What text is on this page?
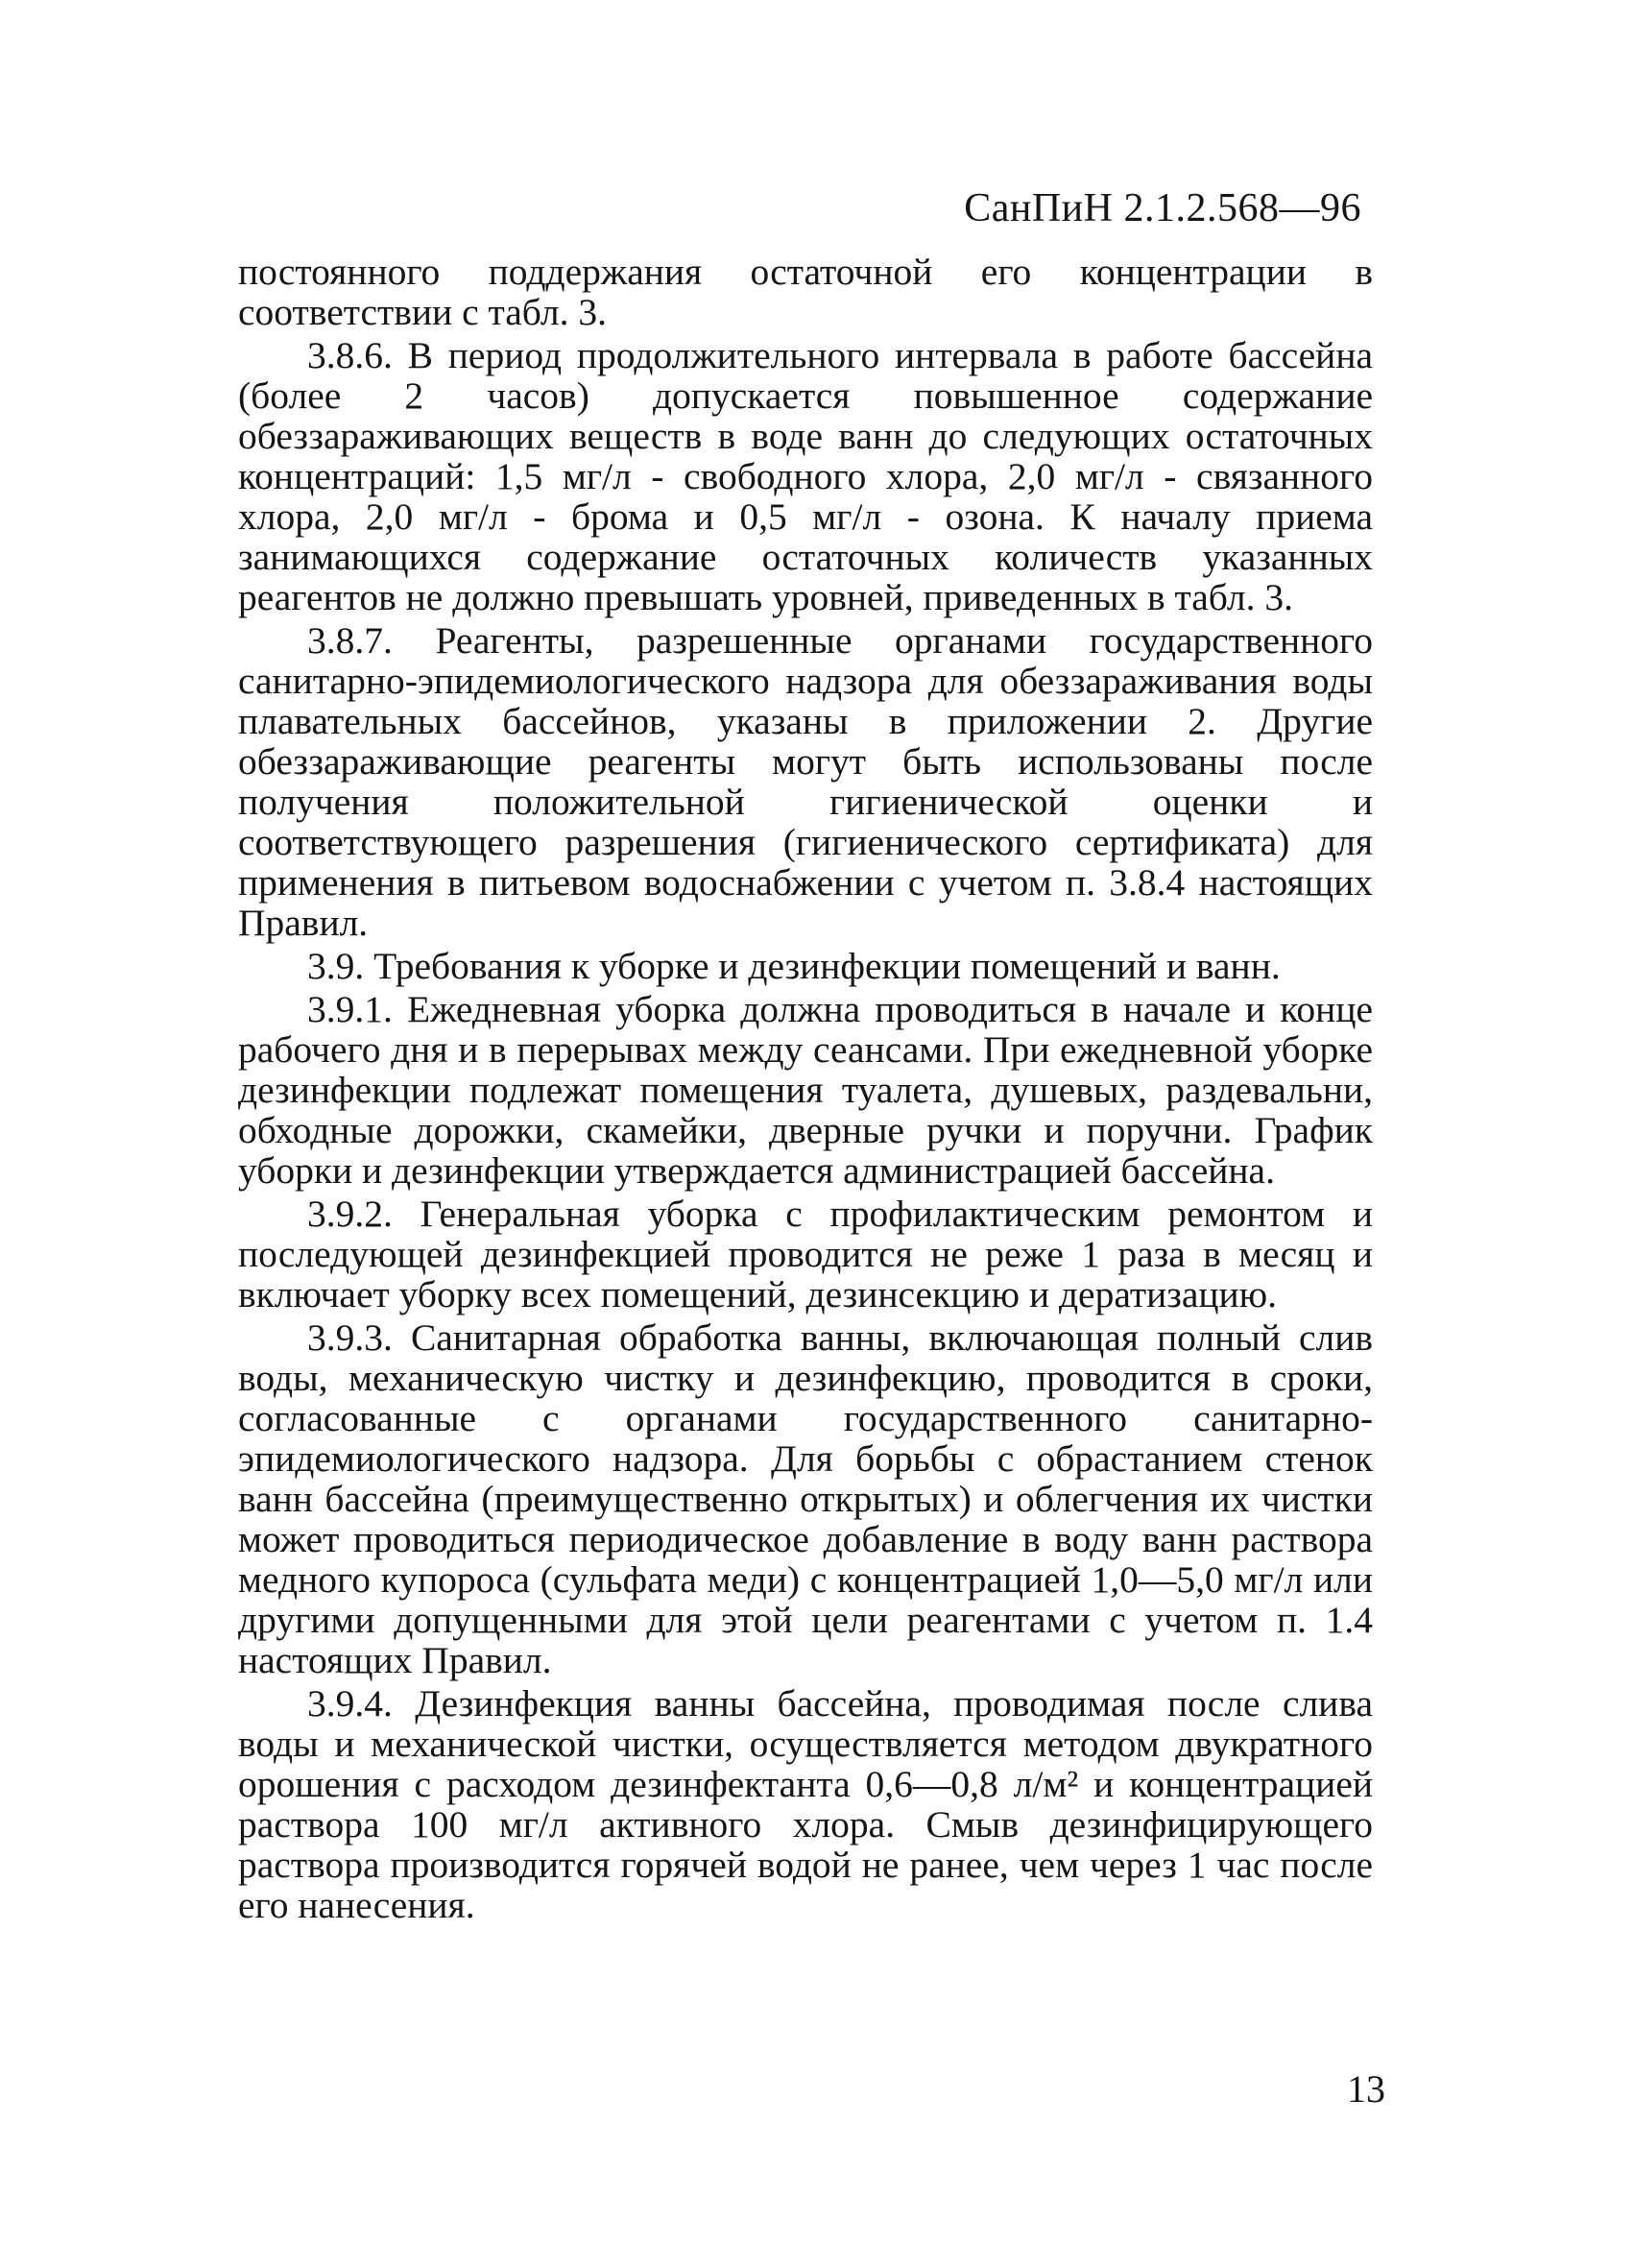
СанПиН 2.1.2.568—96

постоянного поддержания остаточной его концентрации в соответствии с табл. 3.

3.8.6. В период продолжительного интервала в работе бассейна (более 2 часов) допускается повышенное содержание обеззараживающих веществ в воде ванн до следующих остаточных концентраций: 1,5 мг/л - свободного хлора, 2,0 мг/л - связанного хлора, 2,0 мг/л - брома и 0,5 мг/л - озона. К началу приема занимающихся содержание остаточных количеств указанных реагентов не должно превышать уровней, приведенных в табл. 3.

3.8.7. Реагенты, разрешенные органами государственного санитарно-эпидемиологического надзора для обеззараживания воды плавательных бассейнов, указаны в приложении 2. Другие обеззараживающие реагенты могут быть использованы после получения положительной гигиенической оценки и соответствующего разрешения (гигиенического сертификата) для применения в питьевом водоснабжении с учетом п. 3.8.4 настоящих Правил.

3.9. Требования к уборке и дезинфекции помещений и ванн.

3.9.1. Ежедневная уборка должна проводиться в начале и конце рабочего дня и в перерывах между сеансами. При ежедневной уборке дезинфекции подлежат помещения туалета, душевых, раздевальни, обходные дорожки, скамейки, дверные ручки и поручни. График уборки и дезинфекции утверждается администрацией бассейна.

3.9.2. Генеральная уборка с профилактическим ремонтом и последующей дезинфекцией проводится не реже 1 раза в месяц и включает уборку всех помещений, дезинсекцию и дератизацию.

3.9.3. Санитарная обработка ванны, включающая полный слив воды, механическую чистку и дезинфекцию, проводится в сроки, согласованные с органами государственного санитарно-эпидемиологического надзора. Для борьбы с обрастанием стенок ванн бассейна (преимущественно открытых) и облегчения их чистки может проводиться периодическое добавление в воду ванн раствора медного купороса (сульфата меди) с концентрацией 1,0—5,0 мг/л или другими допущенными для этой цели реагентами с учетом п. 1.4 настоящих Правил.

3.9.4. Дезинфекция ванны бассейна, проводимая после слива воды и механической чистки, осуществляется методом двукратного орошения с расходом дезинфектанта 0,6—0,8 л/м² и концентрацией раствора 100 мг/л активного хлора. Смыв дезинфицирующего раствора производится горячей водой не ранее, чем через 1 час после его нанесения.

13
